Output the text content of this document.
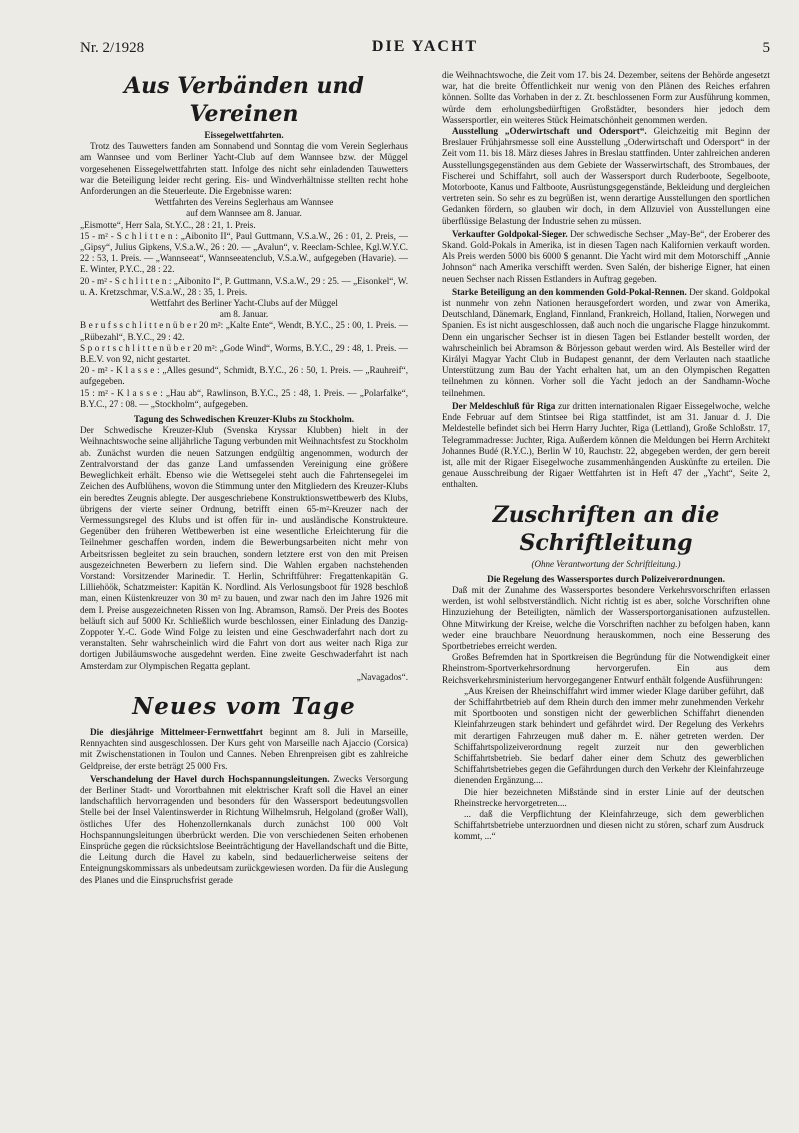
Nr. 2/1928	DIE YACHT	5
Aus Verbänden und Vereinen

Eissegelwettfahrten.

Trotz des Tauwetters fanden am Sonnabend und Sonntag die vom Verein Seglerhaus am Wannsee und vom Berliner Yacht-Club auf dem Wannsee bzw. der Müggel vorgesehenen Eissegelwettfahrten statt. Infolge des nicht sehr einladenden Tauwetters war die Beteiligung leider recht gering. Eis- und Windverhältnisse stellten recht hohe Anforderungen an die Steuerleute. Die Ergebnisse waren:

Wettfahrten des Vereins Seglerhaus am Wannsee

auf dem Wannsee am 8. Januar.

„Eismotte“, Herr Sala, St.Y.C., 28 : 21, 1. Preis.

15 - m² - S c h l i t t e n : „Aibonito II“, Paul Guttmann, V.S.a.W., 26 : 01, 2. Preis, — „Gipsy“, Julius Gipkens, V.S.a.W., 26 : 20. — „Avalun“, v. Reeclam-Schlee, Kgl.W.Y.C. 22 : 53, 1. Preis. — „Wannseeat“, Wannseeatenclub, V.S.a.W., aufgegeben (Havarie). — E. Winter, P.Y.C., 28 : 22.

20 - m² - S c h l i t t e n : „Aibonito I“, P. Guttmann, V.S.a.W., 29 : 25. — „Eisonkel“, W. u. A. Kretzschmar, V.S.a.W., 28 : 35, 1. Preis.

Wettfahrt des Berliner Yacht-Clubs auf der Müggel

am 8. Januar.

B e r u f s s c h l i t t e n ü b e r 20 m²: „Kalte Ente“, Wendt, B.Y.C., 25 : 00, 1. Preis. — „Rübezahl“, B.Y.C., 29 : 42.

S p o r t s c h l i t t e n ü b e r 20 m²: „Gode Wind“, Worms, B.Y.C., 29 : 48, 1. Preis. — B.E.V. von 92, nicht gestartet.

20 - m² - K l a s s e : „Alles gesund“, Schmidt, B.Y.C., 26 : 50, 1. Preis. — „Rauhreif“, aufgegeben.

15 : m² - K l a s s e : „Hau ab“, Rawlinson, B.Y.C., 25 : 48, 1. Preis. — „Polarfalke“, B.Y.C., 27 : 08. — „Stockholm“, aufgegeben.

Tagung des Schwedischen Kreuzer-Klubs zu Stockholm.

Der Schwedische Kreuzer-Klub (Svenska Kryssar Klubben) hielt in der Weihnachtswoche seine alljährliche Tagung verbunden mit Weihnachtsfest zu Stockholm ab. Zunächst wurden die neuen Satzungen endgültig angenommen, wodurch der Zentralvorstand der das ganze Land umfassenden Vereinigung eine größere Beweglichkeit erhält. Ebenso wie die Wettsegelei steht auch die Fahrtensegelei im Zeichen des Aufblühens, wovon die Stimmung unter den Mitgliedern des Kreuzer-Klubs ein beredtes Zeugnis ablegte. Der ausgeschriebene Konstruktionswettbewerb des Klubs, übrigens der vierte seiner Ordnung, betrifft einen 65-m²-Kreuzer nach der Vermessungsregel des Klubs und ist offen für in- und ausländische Konstrukteure. Gegenüber den früheren Wettbewerben ist eine wesentliche Erleichterung für die Teilnehmer geschaffen worden, indem die Bewerbungsarbeiten nicht mehr von Arbeitsrissen begleitet zu sein brauchen, sondern letztere erst von den mit Preisen ausgezeichneten Bewerbern zu liefern sind. Die Wahlen ergaben nachstehenden Vorstand: Vorsitzender Marinedir. T. Herlin, Schriftführer: Fregattenkapitän G. Lilliehöök, Schatzmeister: Kapitän K. Nordlind. Als Verlosungsboot für 1928 beschloß man, einen Küstenkreuzer von 30 m² zu bauen, und zwar nach den im Jahre 1926 mit dem I. Preise ausgezeichneten Rissen von Ing. Abramson, Ramsö. Der Preis des Bootes beläuft sich auf 5000 Kr. Schließlich wurde beschlossen, einer Einladung des Danzig-Zoppoter Y.-C. Gode Wind Folge zu leisten und eine Geschwaderfahrt nach dort zu veranstalten. Sehr wahrscheinlich wird die Fahrt von dort aus weiter nach Riga zur dortigen Jubiläumswoche ausgedehnt werden. Eine zweite Geschwaderfahrt ist nach Amsterdam zur Olympischen Regatta geplant.

„Navagados“.

Neues vom Tage

Die diesjährige Mittelmeer-Fernwettfahrt beginnt am 8. Juli in Marseille, Rennyachten sind ausgeschlossen. Der Kurs geht von Marseille nach Ajaccio (Corsica) mit Zwischenstationen in Toulon und Cannes. Neben Ehrenpreisen gibt es zahlreiche Geldpreise, der erste beträgt 25 000 Frs.

Verschandelung der Havel durch Hochspannungsleitungen. Zwecks Versorgung der Berliner Stadt- und Vorortbahnen mit elektrischer Kraft soll die Havel an einer landschaftlich hervorragenden und besonders für den Wassersport bedeutungsvollen Stelle bei der Insel Valentinswerder in Richtung Wilhelmsruh, Helgoland (großer Wall), östliches Ufer des Hohenzollernkanals durch zunächst 100 000 Volt Hochspannungsleitungen überbrückt werden. Die von verschiedenen Seiten erhobenen Einsprüche gegen die rücksichtslose Beeinträchtigung der Havellandschaft und die Bitte, die Leitung durch die Havel zu kabeln, sind bedauerlicherweise seitens der Enteignungskommissars als unbedeutsam zurückgewiesen worden. Da für die Auslegung des Planes und die Einspruchsfrist gerade

die Weihnachtswoche, die Zeit vom 17. bis 24. Dezember, seitens der Behörde angesetzt war, hat die breite Öffentlichkeit nur wenig von den Plänen des Reiches erfahren können. Sollte das Vorhaben in der z. Zt. beschlossenen Form zur Ausführung kommen, würde dem erholungsbedürftigen Großstädter, besonders hier jedoch dem Wassersportler, ein weiteres Stück Heimatschönheit genommen werden.

Ausstellung „Oderwirtschaft und Odersport“. Gleichzeitig mit Beginn der Breslauer Frühjahrsmesse soll eine Ausstellung „Oderwirtschaft und Odersport“ in der Zeit vom 11. bis 18. März dieses Jahres in Breslau stattfinden. Unter zahlreichen anderen Ausstellungsgegenständen aus dem Gebiete der Wasserwirtschaft, des Strombaues, der Fischerei und Schiffahrt, soll auch der Wassersport durch Ruderboote, Segelboote, Motorboote, Kanus und Faltboote, Ausrüstungsgegenstände, Bekleidung und dergleichen vertreten sein. So sehr es zu begrüßen ist, wenn derartige Ausstellungen den sportlichen Gedanken fördern, so glauben wir doch, in dem Allzuviel von Ausstellungen eine überflüssige Belastung der Industrie sehen zu müssen.

Verkaufter Goldpokal-Sieger. Der schwedische Sechser „May-Be“, der Eroberer des Skand. Gold-Pokals in Amerika, ist in diesen Tagen nach Kalifornien verkauft worden. Als Preis werden 5000 bis 6000 $ genannt. Die Yacht wird mit dem Motorschiff „Annie Johnson“ nach Amerika verschifft werden. Sven Salén, der bisherige Eigner, hat einen neuen Sechser nach Rissen Estlanders in Auftrag gegeben.

Starke Beteiligung an den kommenden Gold-Pokal-Rennen. Der skand. Goldpokal ist nunmehr von zehn Nationen herausgefordert worden, und zwar von Amerika, Deutschland, Dänemark, England, Finnland, Frankreich, Holland, Italien, Norwegen und Spanien. Es ist nicht ausgeschlossen, daß auch noch die ungarische Flagge hinzukommt. Denn ein ungarischer Sechser ist in diesen Tagen bei Estlander bestellt worden, der wahrscheinlich bei Abramson & Börjesson gebaut werden wird. Als Besteller wird der Királyi Magyar Yacht Club in Budapest genannt, der dem Verlauten nach staatliche Unterstützung zum Bau der Yacht erhalten hat, um an den Olympischen Regatten teilnehmen zu können. Vorher soll die Yacht jedoch an der Sandhamn-Woche teilnehmen.

Der Meldeschluß für Riga zur dritten internationalen Rigaer Eissegelwoche, welche Ende Februar auf dem Stintsee bei Riga stattfindet, ist am 31. Januar d. J. Die Meldestelle befindet sich bei Herrn Harry Juchter, Riga (Lettland), Große Schloßstr. 17, Telegrammadresse: Juchter, Riga. Außerdem können die Meldungen bei Herrn Architekt Johannes Budé (R.Y.C.), Berlin W 10, Rauchstr. 22, abgegeben werden, der gern bereit ist, alle mit der Rigaer Eisegelwoche zusammenhängenden Auskünfte zu erteilen. Die genaue Ausschreibung der Rigaer Wettfahrten ist in Heft 47 der „Yacht“, Seite 2, enthalten.

Zuschriften an die Schriftleitung
(Ohne Verantwortung der Schriftleitung.)

Die Regelung des Wassersportes durch Polizeiverordnungen.

Daß mit der Zunahme des Wassersportes besondere Verkehrsvorschriften erlassen werden, ist wohl selbstverständlich. Nicht richtig ist es aber, solche Vorschriften ohne Hinzuziehung der Beteiligten, nämlich der Wassersportorganisationen aufzustellen. Ohne Mitwirkung der Kreise, welche die Vorschriften nachher zu befolgen haben, kann weder eine brauchbare Neuordnung herauskommen, noch eine Besserung des Sportbetriebes erreicht werden.

Großes Befremden hat in Sportkreisen die Begründung für die Notwendigkeit einer Rheinstrom-Sportverkehrsordnung hervorgerufen. Ein aus dem Reichsverkehrsministerium hervorgegangener Entwurf enthält folgende Ausführungen:

„Aus Kreisen der Rheinschiffahrt wird immer wieder Klage darüber geführt, daß der Schiffahrtbetrieb auf dem Rhein durch den immer mehr zunehmenden Verkehr mit Sportbooten und sonstigen nicht der gewerblichen Schiffahrt dienenden Kleinfahrzeugen stark behindert und gefährdet wird. Der Regelung des Verkehrs mit derartigen Fahrzeugen muß daher m. E. näher getreten werden. Der Schiffahrtspolizeiverordnung regelt zurzeit nur den gewerblichen Schiffahrtsbetrieb. Sie bedarf daher einer dem Schutz des gewerblichen Schiffahrtsbetriebes gegen die Gefährdungen durch den Verkehr der Kleinfahrzeuge dienenden Ergänzung....

Die hier bezeichneten Mißstände sind in erster Linie auf der deutschen Rheinstrecke hervorgetreten....

... daß die Verpflichtung der Kleinfahrzeuge, sich dem gewerblichen Schiffahrtsbetriebe unterzuordnen und diesen nicht zu stören, scharf zum Ausdruck kommt, ...“
